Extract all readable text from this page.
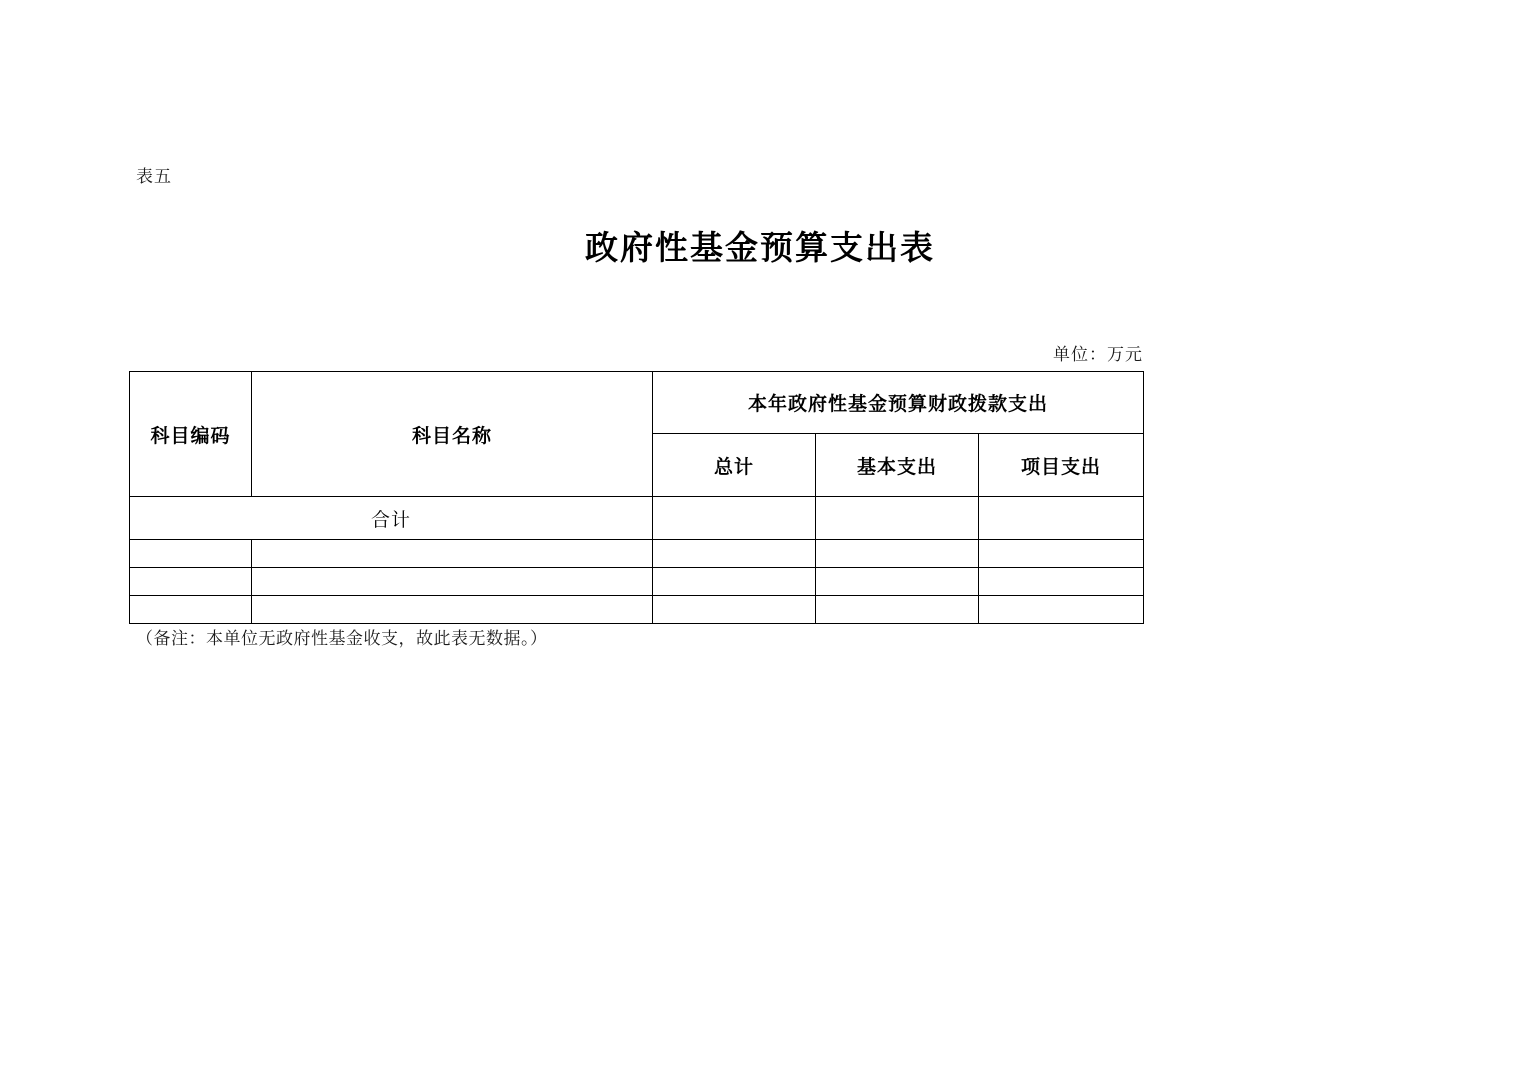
表五
政府性基金预算支出表
单位：万元
科目编码	科目名称	本年政府性基金预算财政拨款支出		
		总计	基本支出	项目支出
合计				

（备注：本单位无政府性基金收支，故此表无数据。）
